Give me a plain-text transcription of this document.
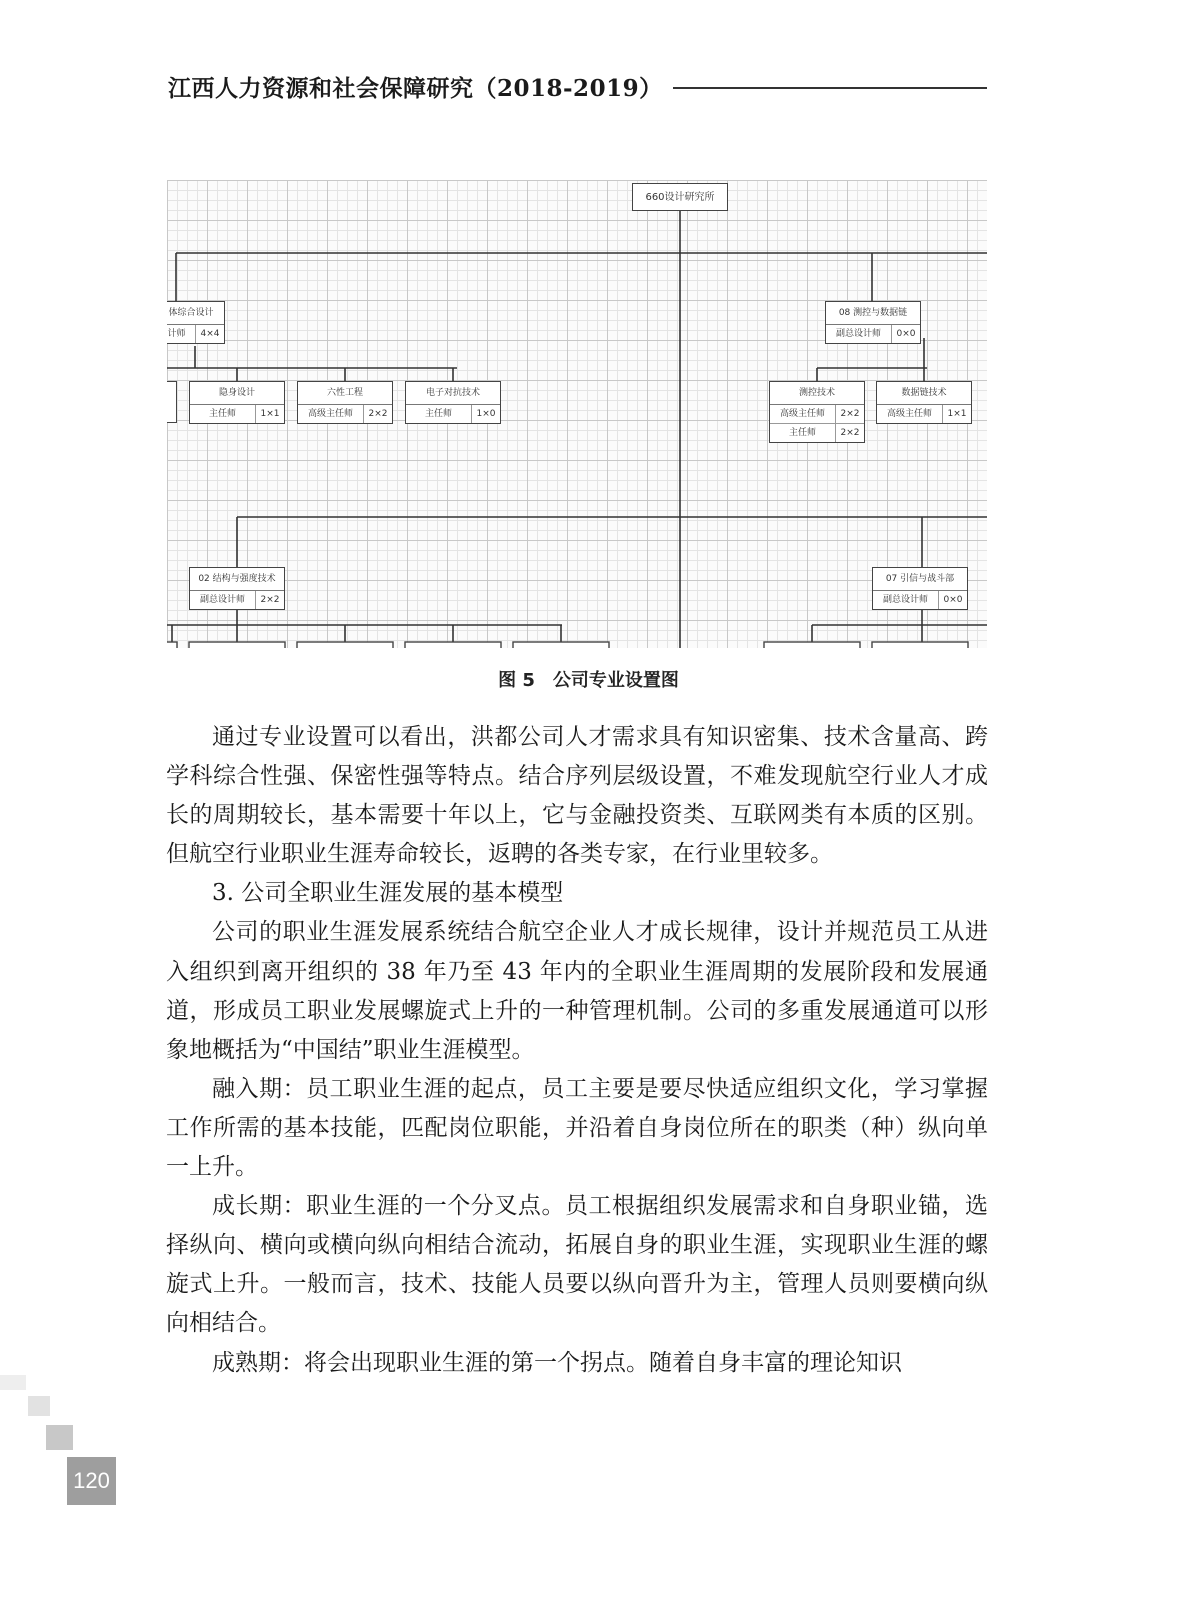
江西人力资源和社会保障研究（2018-2019）
660设计研究所
体综合设计
计师	4×4
08 测控与数据链
副总设计师	0×0
隐身设计
主任师	1×1
六性工程
高级主任师	2×2
电子对抗技术
主任师	1×0
测控技术
高级主任师	2×2
主任师	2×2
数据链技术
高级主任师	1×1
02 结构与强度技术
副总设计师	2×2
07 引信与战斗部
副总设计师	0×0
图 5　公司专业设置图

通过专业设置可以看出，洪都公司人才需求具有知识密集、技术含量高、跨学科综合性强、保密性强等特点。结合序列层级设置，不难发现航空行业人才成长的周期较长，基本需要十年以上，它与金融投资类、互联网类有本质的区别。但航空行业职业生涯寿命较长，返聘的各类专家，在行业里较多。

3. 公司全职业生涯发展的基本模型

公司的职业生涯发展系统结合航空企业人才成长规律，设计并规范员工从进入组织到离开组织的 38 年乃至 43 年内的全职业生涯周期的发展阶段和发展通道，形成员工职业发展螺旋式上升的一种管理机制。公司的多重发展通道可以形象地概括为“中国结”职业生涯模型。

融入期：员工职业生涯的起点，员工主要是要尽快适应组织文化，学习掌握工作所需的基本技能，匹配岗位职能，并沿着自身岗位所在的职类（种）纵向单一上升。

成长期：职业生涯的一个分叉点。员工根据组织发展需求和自身职业锚，选择纵向、横向或横向纵向相结合流动，拓展自身的职业生涯，实现职业生涯的螺旋式上升。一般而言，技术、技能人员要以纵向晋升为主，管理人员则要横向纵向相结合。

成熟期：将会出现职业生涯的第一个拐点。随着自身丰富的理论知识

120
